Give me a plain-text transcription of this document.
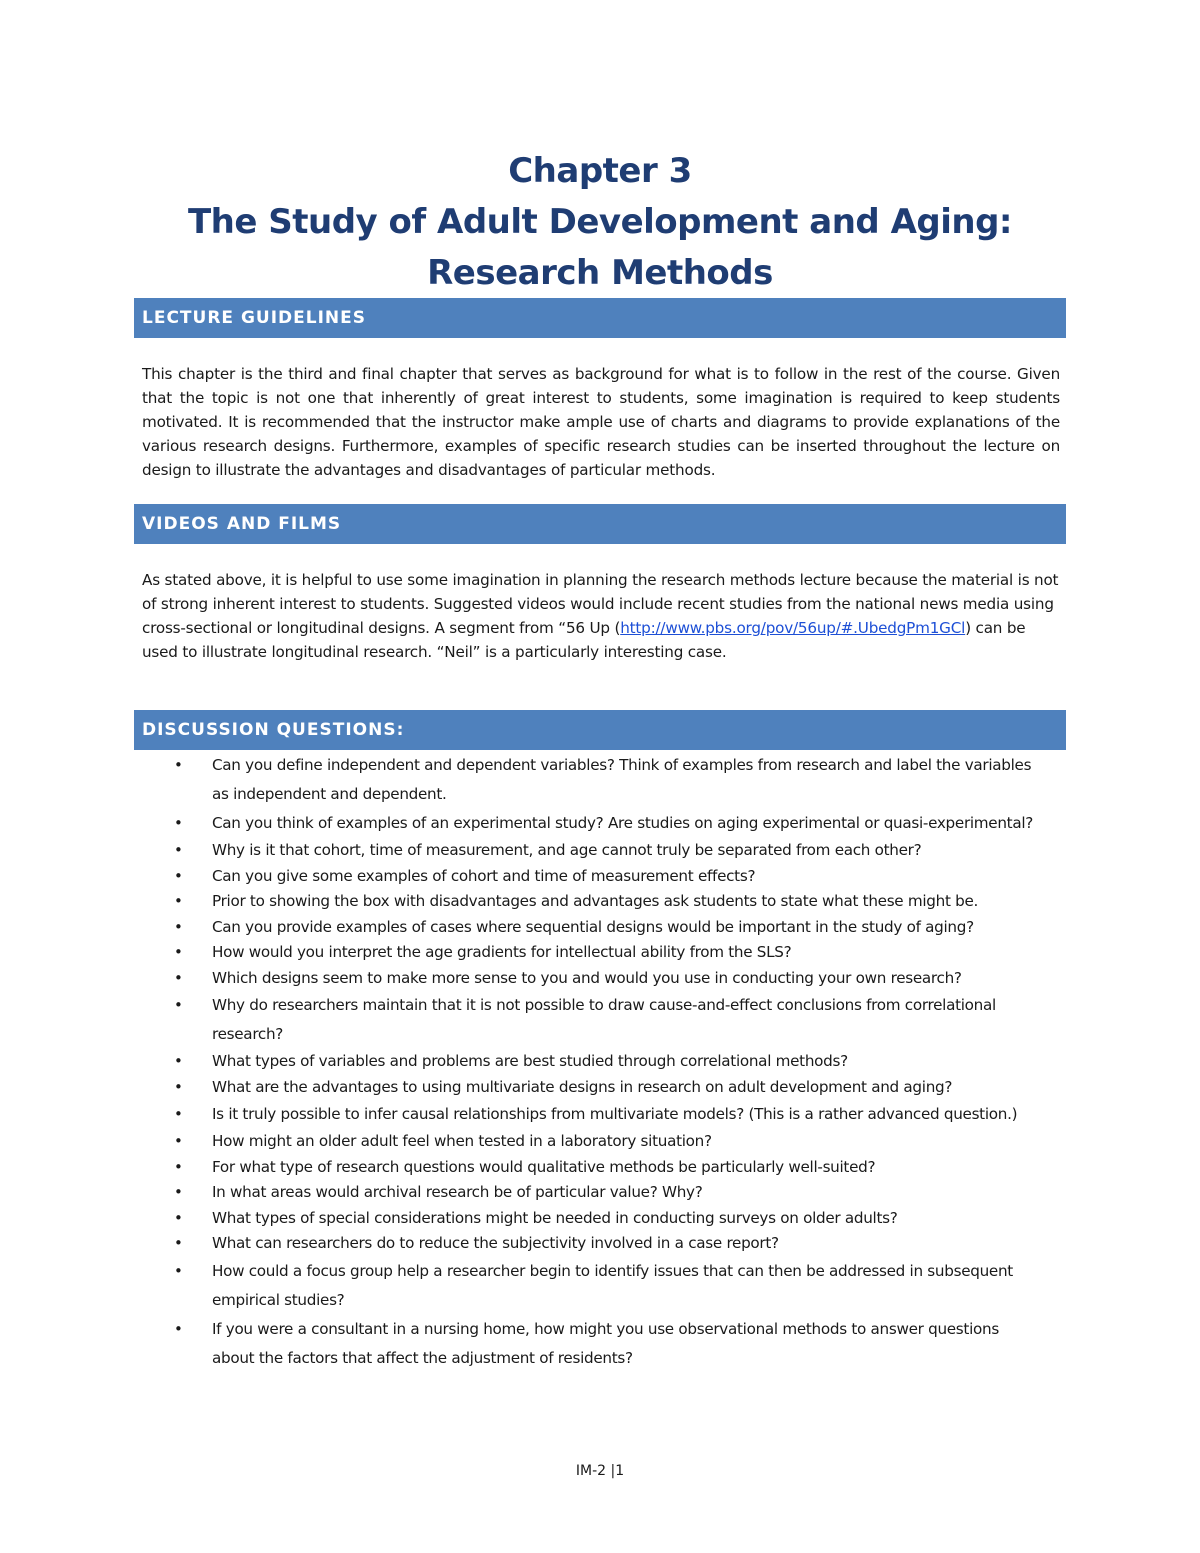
Chapter 3
The Study of Adult Development and Aging:
Research Methods
LECTURE GUIDELINES
This chapter is the third and final chapter that serves as background for what is to follow in the rest of the course. Given that the topic is not one that inherently of great interest to students, some imagination is required to keep students motivated. It is recommended that the instructor make ample use of charts and diagrams to provide explanations of the various research designs. Furthermore, examples of specific research studies can be inserted throughout the lecture on design to illustrate the advantages and disadvantages of particular methods.
VIDEOS AND FILMS
As stated above, it is helpful to use some imagination in planning the research methods lecture because the material is not of strong inherent interest to students. Suggested videos would include recent studies from the national news media using cross-sectional or longitudinal designs. A segment from “56 Up (http://www.pbs.org/pov/56up/#.UbedgPm1GCl) can be used to illustrate longitudinal research. “Neil” is a particularly interesting case.
DISCUSSION QUESTIONS:
• Can you define independent and dependent variables? Think of examples from research and label the variables as independent and dependent.
• Can you think of examples of an experimental study? Are studies on aging experimental or quasi-experimental?
• Why is it that cohort, time of measurement, and age cannot truly be separated from each other?
• Can you give some examples of cohort and time of measurement effects?
• Prior to showing the box with disadvantages and advantages ask students to state what these might be.
• Can you provide examples of cases where sequential designs would be important in the study of aging?
• How would you interpret the age gradients for intellectual ability from the SLS?
• Which designs seem to make more sense to you and would you use in conducting your own research?
• Why do researchers maintain that it is not possible to draw cause-and-effect conclusions from correlational research?
• What types of variables and problems are best studied through correlational methods?
• What are the advantages to using multivariate designs in research on adult development and aging?
• Is it truly possible to infer causal relationships from multivariate models? (This is a rather advanced question.)
• How might an older adult feel when tested in a laboratory situation?
• For what type of research questions would qualitative methods be particularly well-suited?
• In what areas would archival research be of particular value? Why?
• What types of special considerations might be needed in conducting surveys on older adults?
• What can researchers do to reduce the subjectivity involved in a case report?
• How could a focus group help a researcher begin to identify issues that can then be addressed in subsequent empirical studies?
• If you were a consultant in a nursing home, how might you use observational methods to answer questions about the factors that affect the adjustment of residents?
IM-2 |1
